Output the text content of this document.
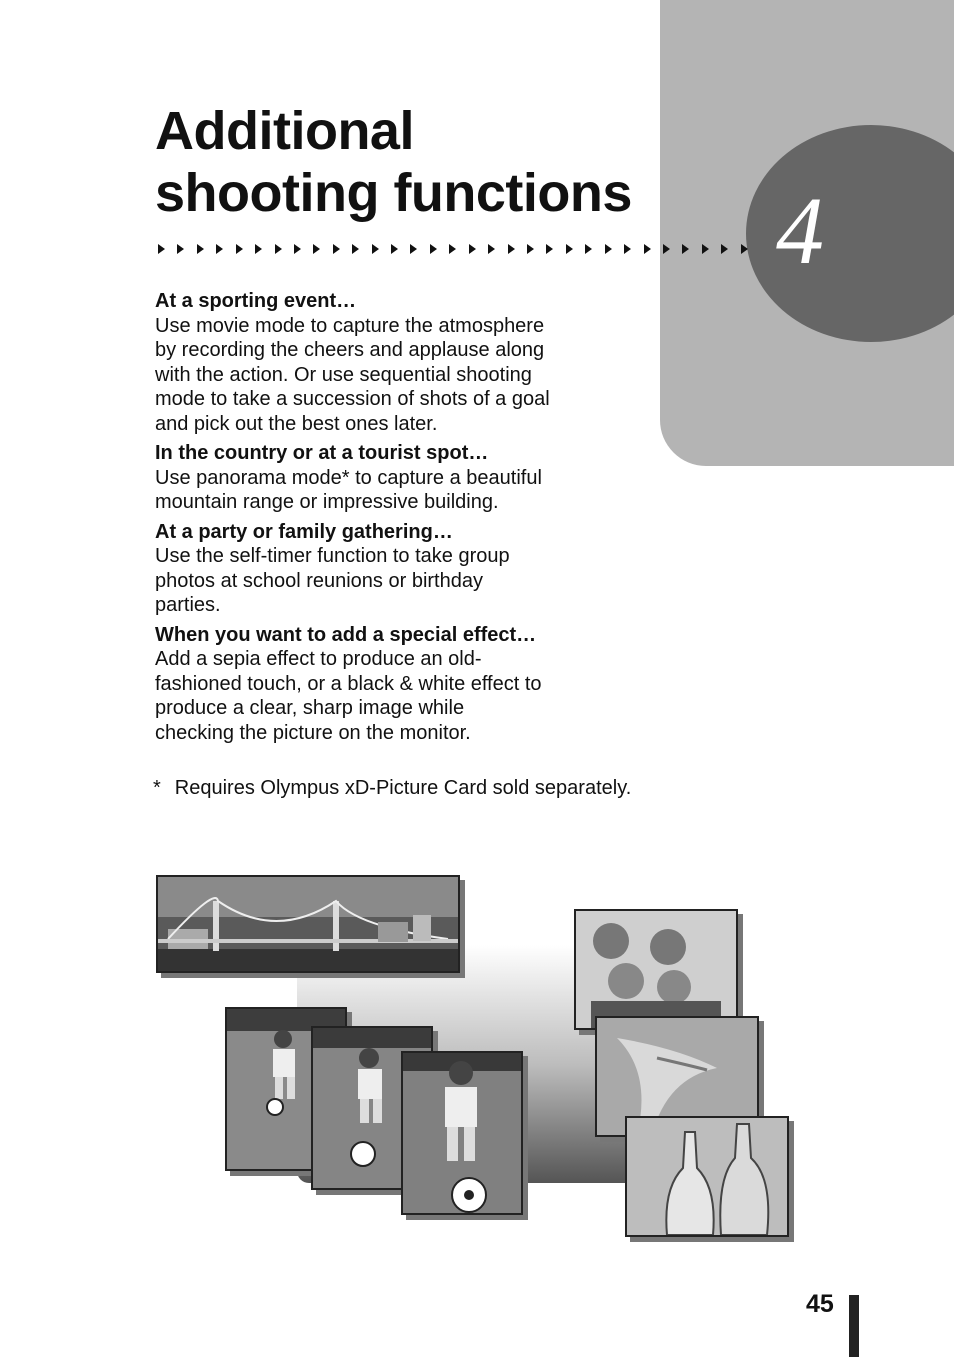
4
Additional
shooting functions
At a sporting event…

Use movie mode to capture the atmosphere
by recording the cheers and applause along
with the action. Or use sequential shooting
mode to take a succession of shots of a goal
and pick out the best ones later.

In the country or at a tourist spot…

Use panorama mode* to capture a beautiful
mountain range or impressive building.

At a party or family gathering…

Use the self-timer function to take group
photos at school reunions or birthday
parties.

When you want to add a special effect…

Add a sepia effect to produce an old-
fashioned touch, or a black & white effect to
produce a clear, sharp image while
checking the picture on the monitor.

* Requires Olympus xD-Picture Card sold separately.
45
